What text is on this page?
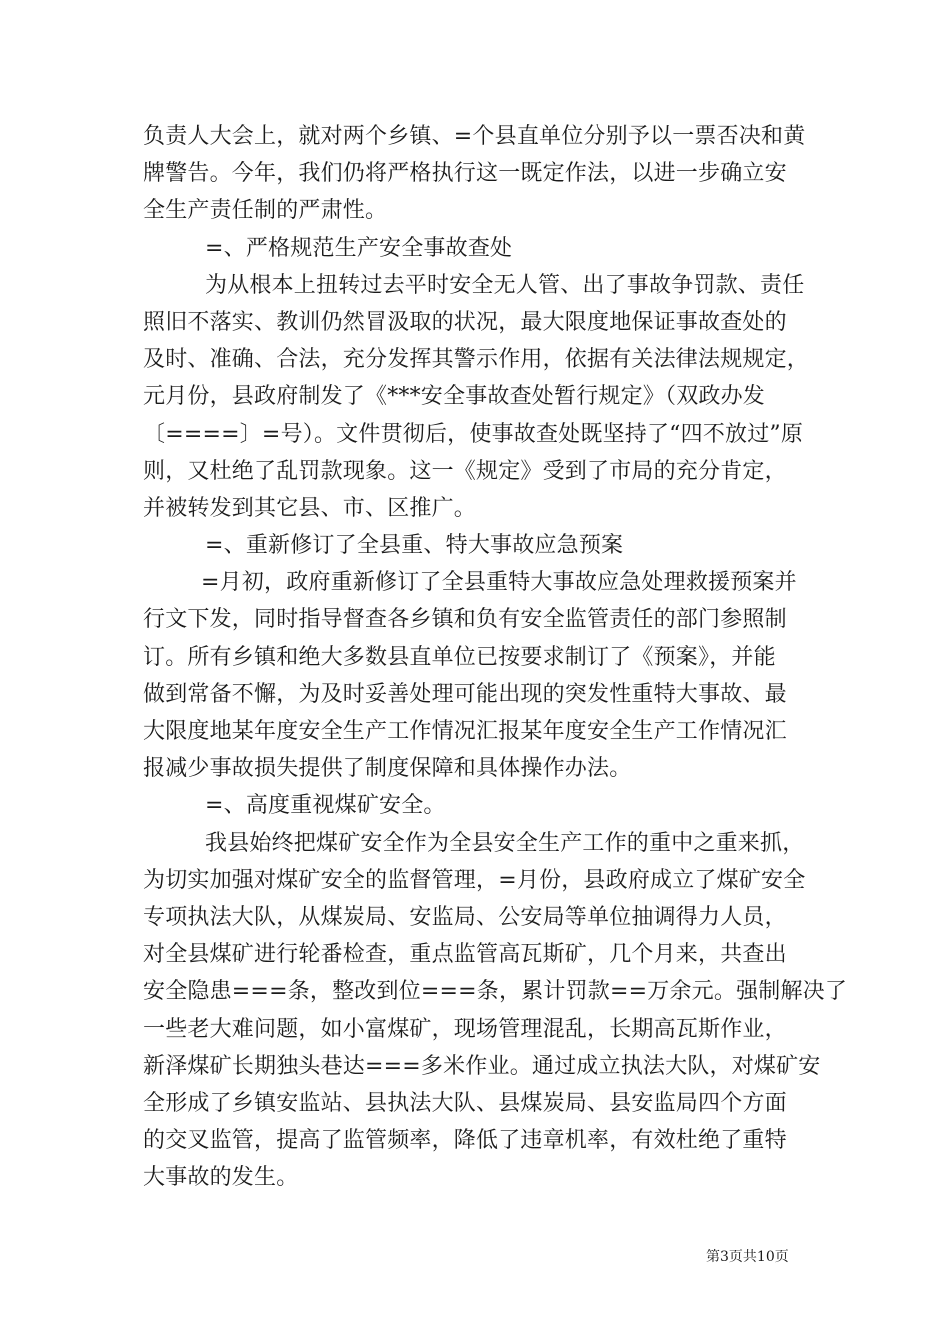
负责人大会上，就对两个乡镇、=个县直单位分别予以一票否决和黄
牌警告。今年，我们仍将严格执行这一既定作法，以进一步确立安
全生产责任制的严肃性。
=、严格规范生产安全事故查处
为从根本上扭转过去平时安全无人管、出了事故争罚款、责任
照旧不落实、教训仍然冒汲取的状况，最大限度地保证事故查处的
及时、准确、合法，充分发挥其警示作用，依据有关法律法规规定，
元月份，县政府制发了《***安全事故查处暂行规定》（双政办发
〔====〕=号）。文件贯彻后，使事故查处既坚持了“四不放过”原
则，又杜绝了乱罚款现象。这一《规定》受到了市局的充分肯定，
并被转发到其它县、市、区推广。
=、重新修订了全县重、特大事故应急预案
=月初，政府重新修订了全县重特大事故应急处理救援预案并
行文下发，同时指导督查各乡镇和负有安全监管责任的部门参照制
订。所有乡镇和绝大多数县直单位已按要求制订了《预案》，并能
做到常备不懈，为及时妥善处理可能出现的突发性重特大事故、最
大限度地某年度安全生产工作情况汇报某年度安全生产工作情况汇
报减少事故损失提供了制度保障和具体操作办法。
=、高度重视煤矿安全。
我县始终把煤矿安全作为全县安全生产工作的重中之重来抓，
为切实加强对煤矿安全的监督管理，=月份，县政府成立了煤矿安全
专项执法大队，从煤炭局、安监局、公安局等单位抽调得力人员，
对全县煤矿进行轮番检查，重点监管高瓦斯矿，几个月来，共查出
安全隐患===条，整改到位===条，累计罚款==万余元。强制解决了
一些老大难问题，如小富煤矿，现场管理混乱，长期高瓦斯作业，
新泽煤矿长期独头巷达===多米作业。通过成立执法大队，对煤矿安
全形成了乡镇安监站、县执法大队、县煤炭局、县安监局四个方面
的交叉监管，提高了监管频率，降低了违章机率，有效杜绝了重特
大事故的发生。
第3页共10页
